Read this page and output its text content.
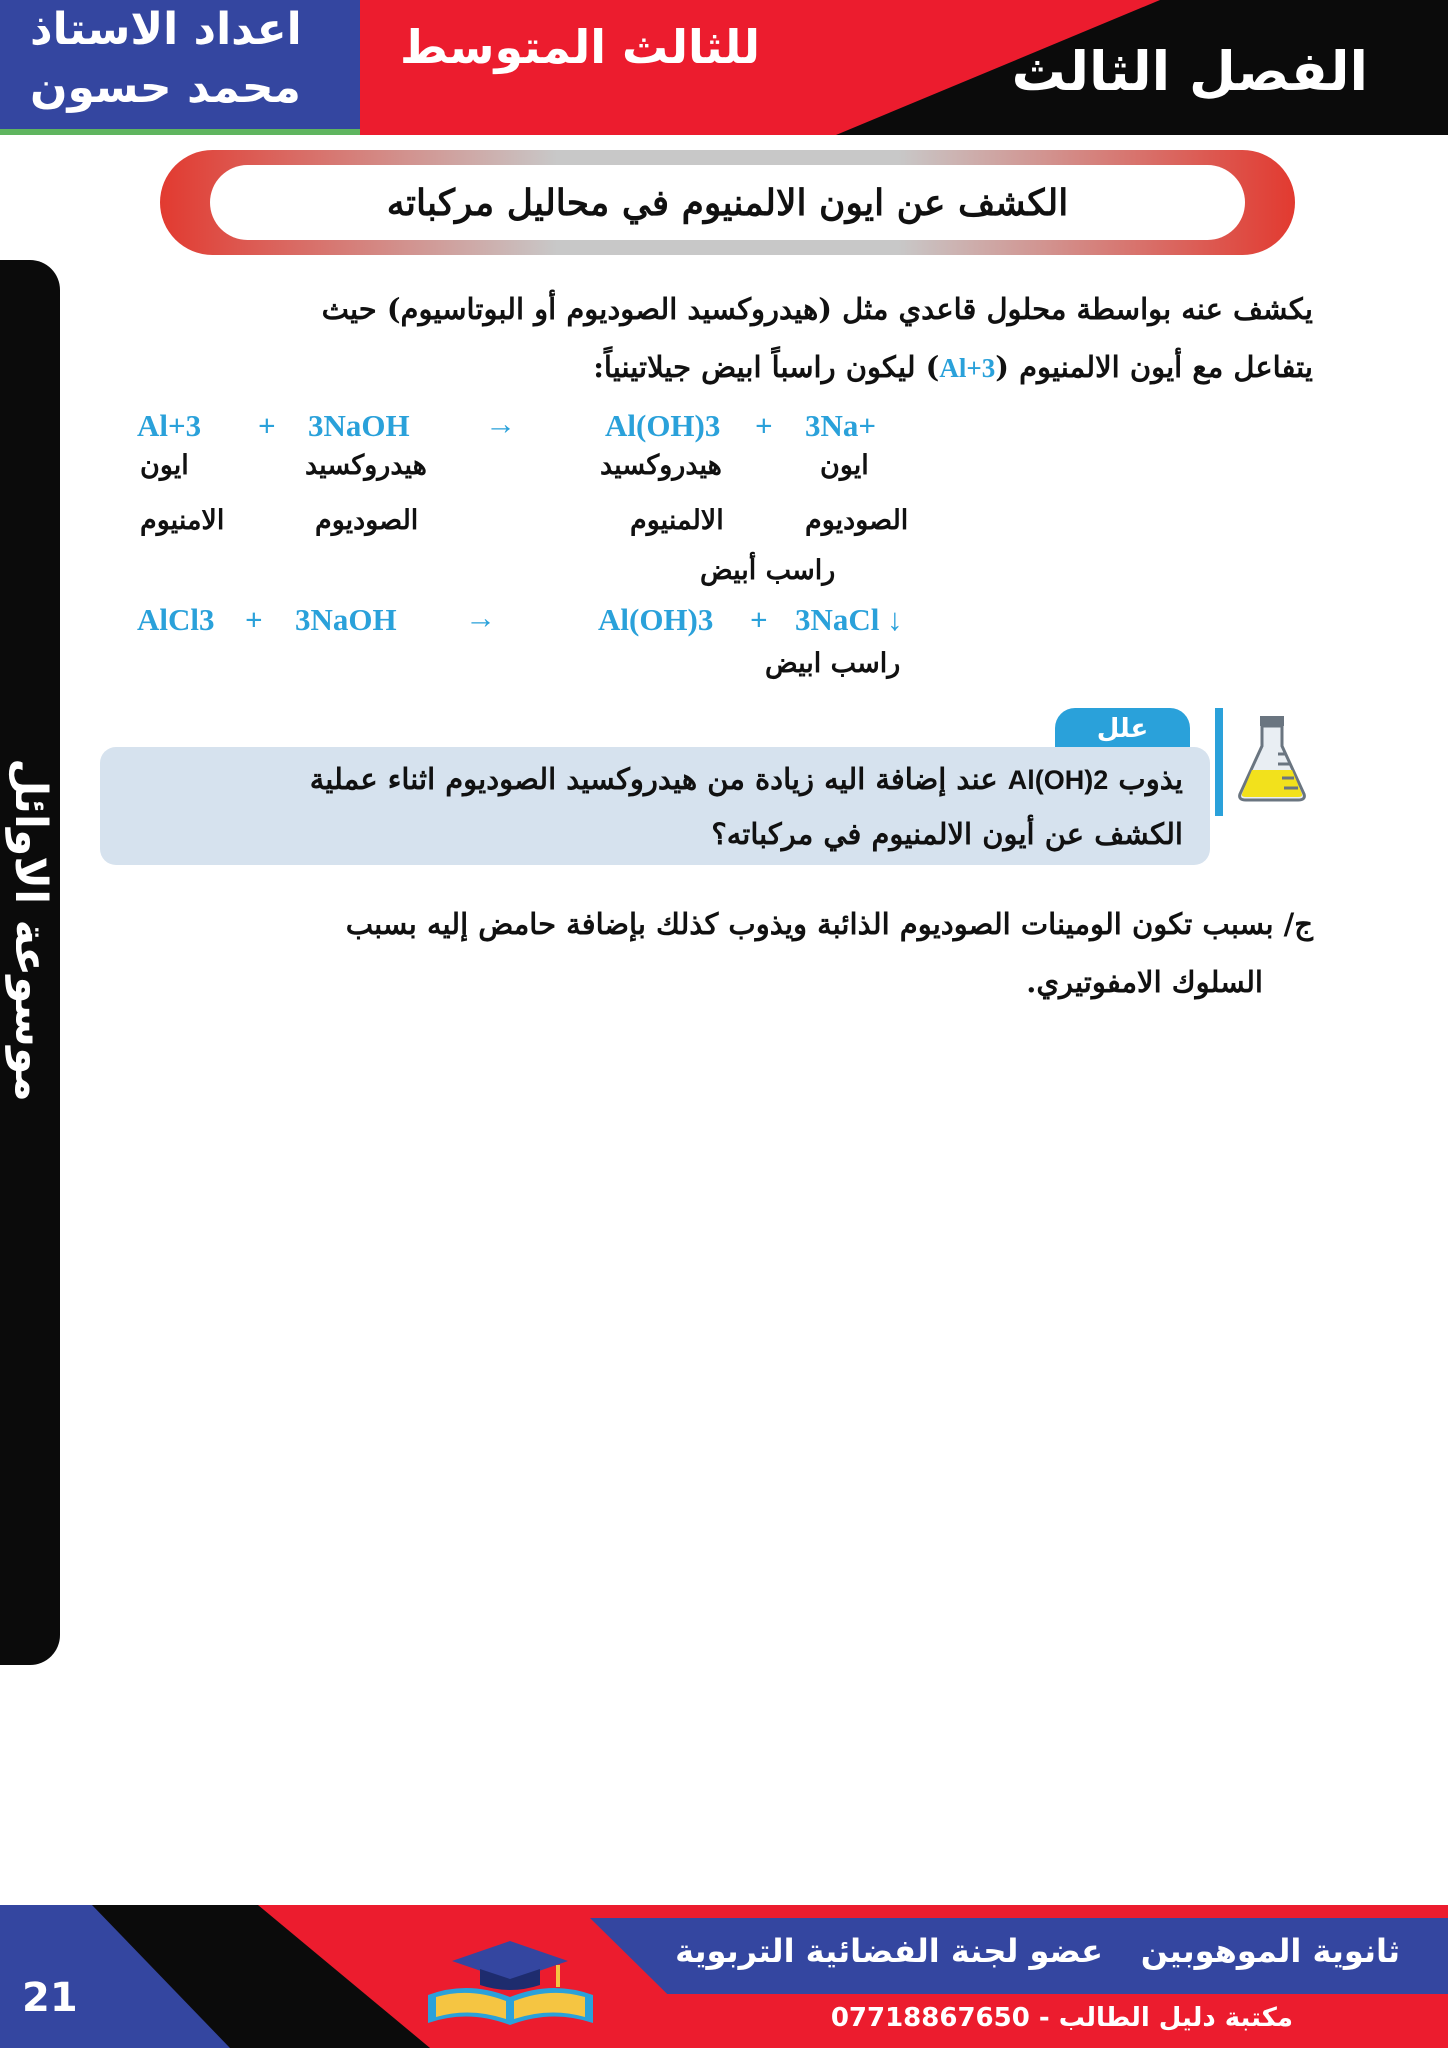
الفصل الثالث
للثالث المتوسط
اعداد الاستاذ
محمد حسون
الكشف عن ايون الالمنيوم في محاليل مركباته
موسوعة الاوائل
يكشف عنه بواسطة محلول قاعدي مثل (هيدروكسيد الصوديوم أو البوتاسيوم) حيث
يتفاعل مع أيون الالمنيوم (Al+3) ليكون راسباً ابيض جيلاتينياً:
Al+3 + 3NaOH →	Al(OH)3 + 3Na+
ايون
الامنيوم
هيدروكسيد
الصوديوم
هيدروكسيد
الالمنيوم
ايون
الصوديوم
راسب أبيض
AlCl3 + 3NaOH →	Al(OH)3 + 3NaCl ↓
راسب ابيض
علل
يذوب Al(OH)2 عند إضافة اليه زيادة من هيدروكسيد الصوديوم اثناء عملية
الكشف عن أيون الالمنيوم في مركباته؟
ج/ بسبب تكون الومينات الصوديوم الذائبة ويذوب كذلك بإضافة حامض إليه بسبب
السلوك الامفوتيري.
ثانوية الموهوبين
عضو لجنة الفضائية التربوية
مكتبة دليل الطالب - 07718867650
21
